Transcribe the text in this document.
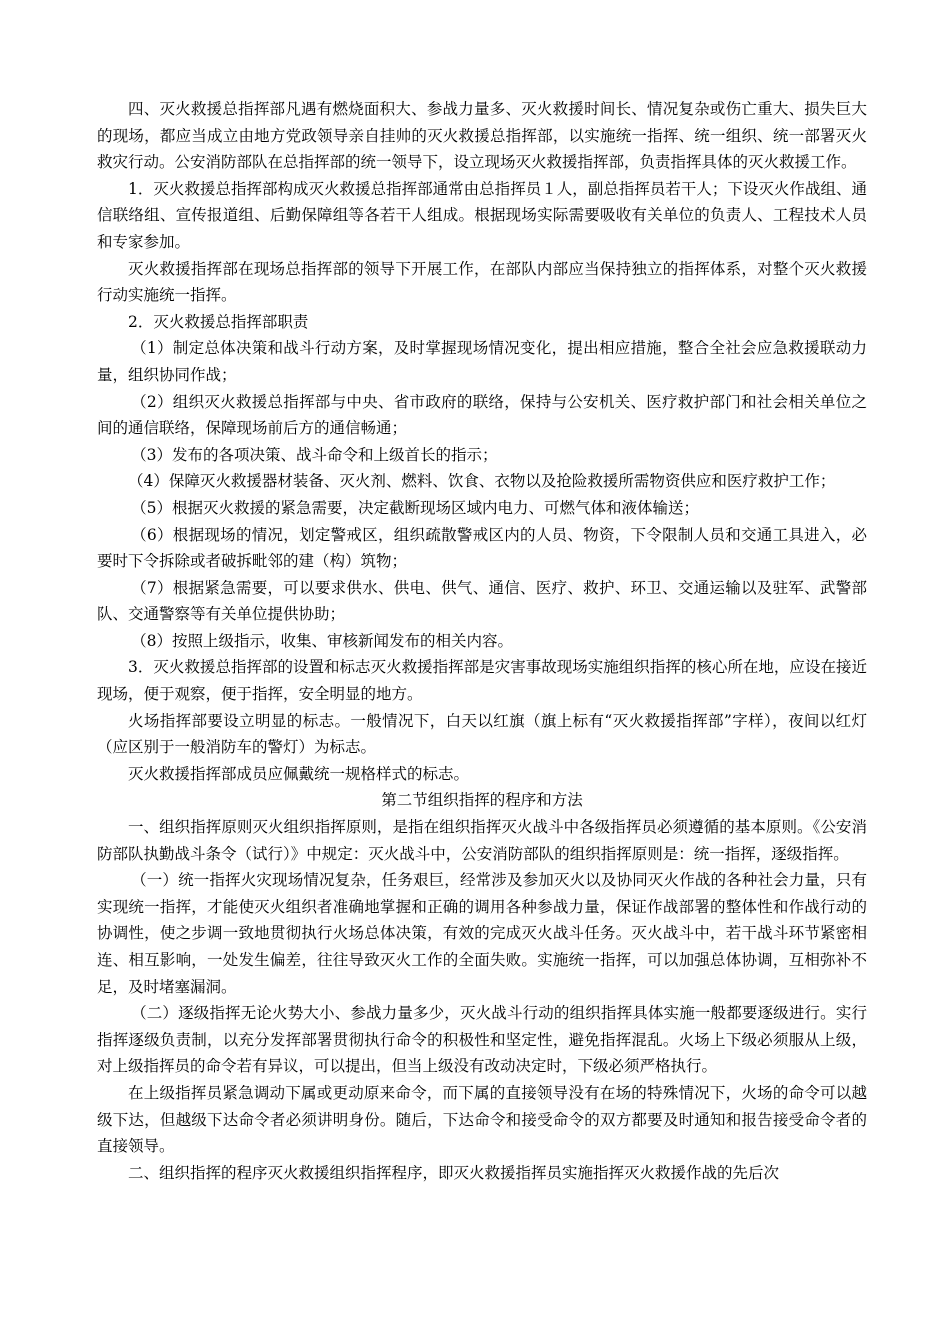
四、灭火救援总指挥部凡遇有燃烧面积大、参战力量多、灭火救援时间长、情况复杂或伤亡重大、损失巨大的现场，都应当成立由地方党政领导亲自挂帅的灭火救援总指挥部，以实施统一指挥、统一组织、统一部署灭火救灾行动。公安消防部队在总指挥部的统一领导下，设立现场灭火救援指挥部，负责指挥具体的灭火救援工作。

1．灭火救援总指挥部构成灭火救援总指挥部通常由总指挥员１人，副总指挥员若干人；下设灭火作战组、通信联络组、宣传报道组、后勤保障组等各若干人组成。根据现场实际需要吸收有关单位的负责人、工程技术人员和专家参加。

灭火救援指挥部在现场总指挥部的领导下开展工作，在部队内部应当保持独立的指挥体系，对整个灭火救援行动实施统一指挥。

2．灭火救援总指挥部职责

（1）制定总体决策和战斗行动方案，及时掌握现场情况变化，提出相应措施，整合全社会应急救援联动力量，组织协同作战；

（2）组织灭火救援总指挥部与中央、省市政府的联络，保持与公安机关、医疗救护部门和社会相关单位之间的通信联络，保障现场前后方的通信畅通；

（3）发布的各项决策、战斗命令和上级首长的指示；

（4）保障灭火救援器材装备、灭火剂、燃料、饮食、衣物以及抢险救援所需物资供应和医疗救护工作；

（5）根据灭火救援的紧急需要，决定截断现场区域内电力、可燃气体和液体输送；

（6）根据现场的情况，划定警戒区，组织疏散警戒区内的人员、物资，下令限制人员和交通工具进入，必要时下令拆除或者破拆毗邻的建（构）筑物；

（7）根据紧急需要，可以要求供水、供电、供气、通信、医疗、救护、环卫、交通运输以及驻军、武警部队、交通警察等有关单位提供协助；

（8）按照上级指示，收集、审核新闻发布的相关内容。

3．灭火救援总指挥部的设置和标志灭火救援指挥部是灾害事故现场实施组织指挥的核心所在地，应设在接近现场，便于观察，便于指挥，安全明显的地方。

火场指挥部要设立明显的标志。一般情况下，白天以红旗（旗上标有“灭火救援指挥部”字样），夜间以红灯（应区别于一般消防车的警灯）为标志。

灭火救援指挥部成员应佩戴统一规格样式的标志。

第二节组织指挥的程序和方法

一、组织指挥原则灭火组织指挥原则，是指在组织指挥灭火战斗中各级指挥员必须遵循的基本原则。《公安消防部队执勤战斗条令（试行）》中规定：灭火战斗中，公安消防部队的组织指挥原则是：统一指挥，逐级指挥。

（一）统一指挥火灾现场情况复杂，任务艰巨，经常涉及参加灭火以及协同灭火作战的各种社会力量，只有实现统一指挥，才能使灭火组织者准确地掌握和正确的调用各种参战力量，保证作战部署的整体性和作战行动的协调性，使之步调一致地贯彻执行火场总体决策，有效的完成灭火战斗任务。灭火战斗中，若干战斗环节紧密相连、相互影响，一处发生偏差，往往导致灭火工作的全面失败。实施统一指挥，可以加强总体协调，互相弥补不足，及时堵塞漏洞。

（二）逐级指挥无论火势大小、参战力量多少，灭火战斗行动的组织指挥具体实施一般都要逐级进行。实行指挥逐级负责制，以充分发挥部署贯彻执行命令的积极性和坚定性，避免指挥混乱。火场上下级必须服从上级，对上级指挥员的命令若有异议，可以提出，但当上级没有改动决定时，下级必须严格执行。

在上级指挥员紧急调动下属或更动原来命令，而下属的直接领导没有在场的特殊情况下，火场的命令可以越级下达，但越级下达命令者必须讲明身份。随后，下达命令和接受命令的双方都要及时通知和报告接受命令者的直接领导。

二、组织指挥的程序灭火救援组织指挥程序，即灭火救援指挥员实施指挥灭火救援作战的先后次
